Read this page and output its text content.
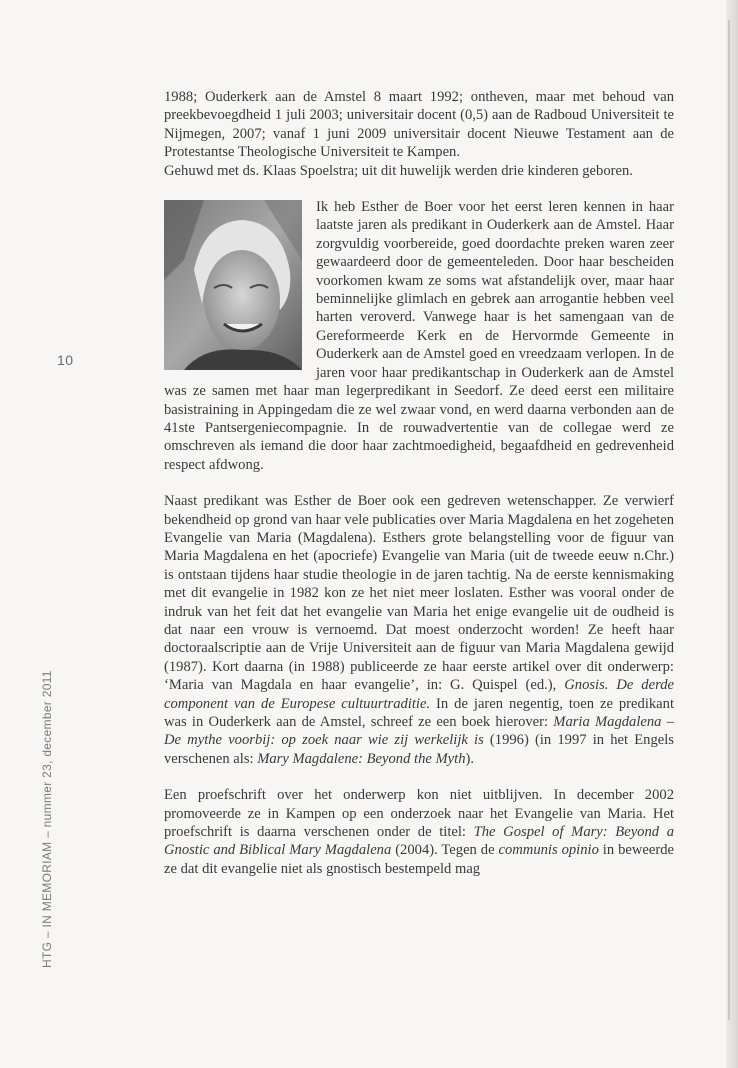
10
HTG – IN MEMORIAM – nummer 23, december 2011

1988; Ouderkerk aan de Amstel 8 maart 1992; ontheven, maar met behoud van preekbevoegdheid 1 juli 2003; universitair docent (0,5) aan de Radboud Universiteit te Nijmegen, 2007; vanaf 1 juni 2009 universitair docent Nieuwe Testament aan de Protestantse Theologische Universiteit te Kampen.
Gehuwd met ds. Klaas Spoelstra; uit dit huwelijk werden drie kinderen geboren.

Ik heb Esther de Boer voor het eerst leren kennen in haar laatste jaren als predikant in Ouderkerk aan de Amstel. Haar zorgvuldig voorbereide, goed doordachte preken waren zeer gewaardeerd door de gemeenteleden. Door haar bescheiden voorkomen kwam ze soms wat afstandelijk over, maar haar beminnelijke glimlach en gebrek aan arrogantie hebben veel harten veroverd. Vanwege haar is het samengaan van de Gereformeerde Kerk en de Hervormde Gemeente in Ouderkerk aan de Amstel goed en vreedzaam verlopen. In de jaren voor haar predikantschap in Ouderkerk aan de Amstel was ze samen met haar man legerpredikant in Seedorf. Ze deed eerst een militaire basistraining in Appingedam die ze wel zwaar vond, en werd daarna verbonden aan de 41ste Pantsergeniecompagnie. In de rouwadvertentie van de collegae werd ze omschreven als iemand die door haar zachtmoedigheid, begaafdheid en gedrevenheid respect afdwong.

Naast predikant was Esther de Boer ook een gedreven wetenschapper. Ze verwierf bekendheid op grond van haar vele publicaties over Maria Magdalena en het zogeheten Evangelie van Maria (Magdalena). Esthers grote belangstelling voor de figuur van Maria Magdalena en het (apocriefe) Evangelie van Maria (uit de tweede eeuw n.Chr.) is ontstaan tijdens haar studie theologie in de jaren tachtig. Na de eerste kennismaking met dit evangelie in 1982 kon ze het niet meer loslaten. Esther was vooral onder de indruk van het feit dat het evangelie van Maria het enige evangelie uit de oudheid is dat naar een vrouw is vernoemd. Dat moest onderzocht worden! Ze heeft haar doctoraalscriptie aan de Vrije Universiteit aan de figuur van Maria Magdalena gewijd (1987). Kort daarna (in 1988) publiceerde ze haar eerste artikel over dit onderwerp: ‘Maria van Magdala en haar evangelie’, in: G. Quispel (ed.), Gnosis. De derde component van de Europese cultuurtraditie. In de jaren negentig, toen ze predikant was in Ouderkerk aan de Amstel, schreef ze een boek hierover: Maria Magdalena – De mythe voorbij: op zoek naar wie zij werkelijk is (1996) (in 1997 in het Engels verschenen als: Mary Magdalene: Beyond the Myth).

Een proefschrift over het onderwerp kon niet uitblijven. In december 2002 promoveerde ze in Kampen op een onderzoek naar het Evangelie van Maria. Het proefschrift is daarna verschenen onder de titel: The Gospel of Mary: Beyond a Gnostic and Biblical Mary Magdalena (2004). Tegen de communis opinio in beweerde ze dat dit evangelie niet als gnostisch bestempeld mag
